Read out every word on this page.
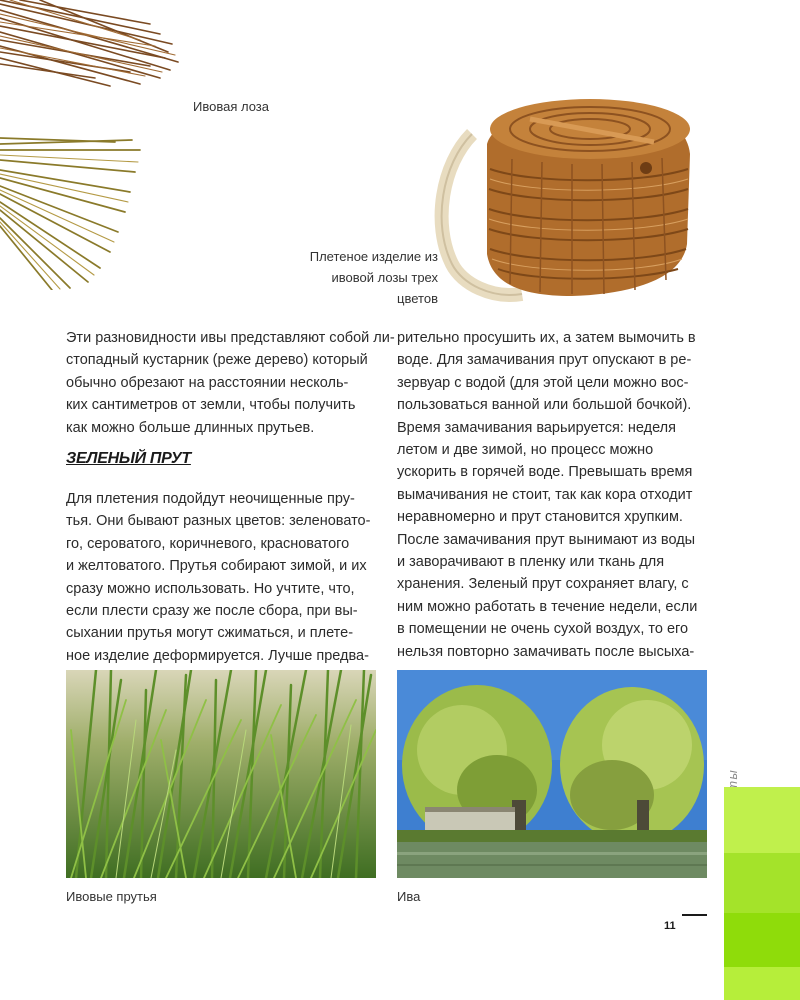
Ивовая лоза
Плетеное изделие из
ивовой лозы трех
цветов
Эти разновидности ивы представляют собой ли-
стопадный кустарник (реже дерево) который
обычно обрезают на расстоянии несколь-
ких сантиметров от земли, чтобы получить
как можно больше длинных прутьев.
ЗЕЛЕНЫЙ ПРУТ
Для плетения подойдут неочищенные пру-
тья. Они бывают разных цветов: зеленовато-
го, сероватого, коричневого, красноватого
и желтоватого. Прутья собирают зимой, и их
сразу можно использовать. Но учтите, что,
если плести сразу же после сбора, при вы-
сыхании прутья могут сжиматься, и плете-
ное изделие деформируется. Лучше предва-
рительно просушить их, а затем вымочить в
воде. Для замачивания прут опускают в ре-
зервуар с водой (для этой цели можно вос-
пользоваться ванной или большой бочкой).
Время замачивания варьируется: неделя
летом и две зимой, но процесс можно
ускорить в горячей воде. Превышать время
вымачивания не стоит, так как кора отходит
неравномерно и прут становится хрупким.
После замачивания прут вынимают из воды
и заворачивают в пленку или ткань для
хранения. Зеленый прут сохраняет влагу, с
ним можно работать в течение недели, если
в помещении не очень сухой воздух, то его
нельзя повторно замачивать после высыха-
Ивовые прутья	Ива
11
